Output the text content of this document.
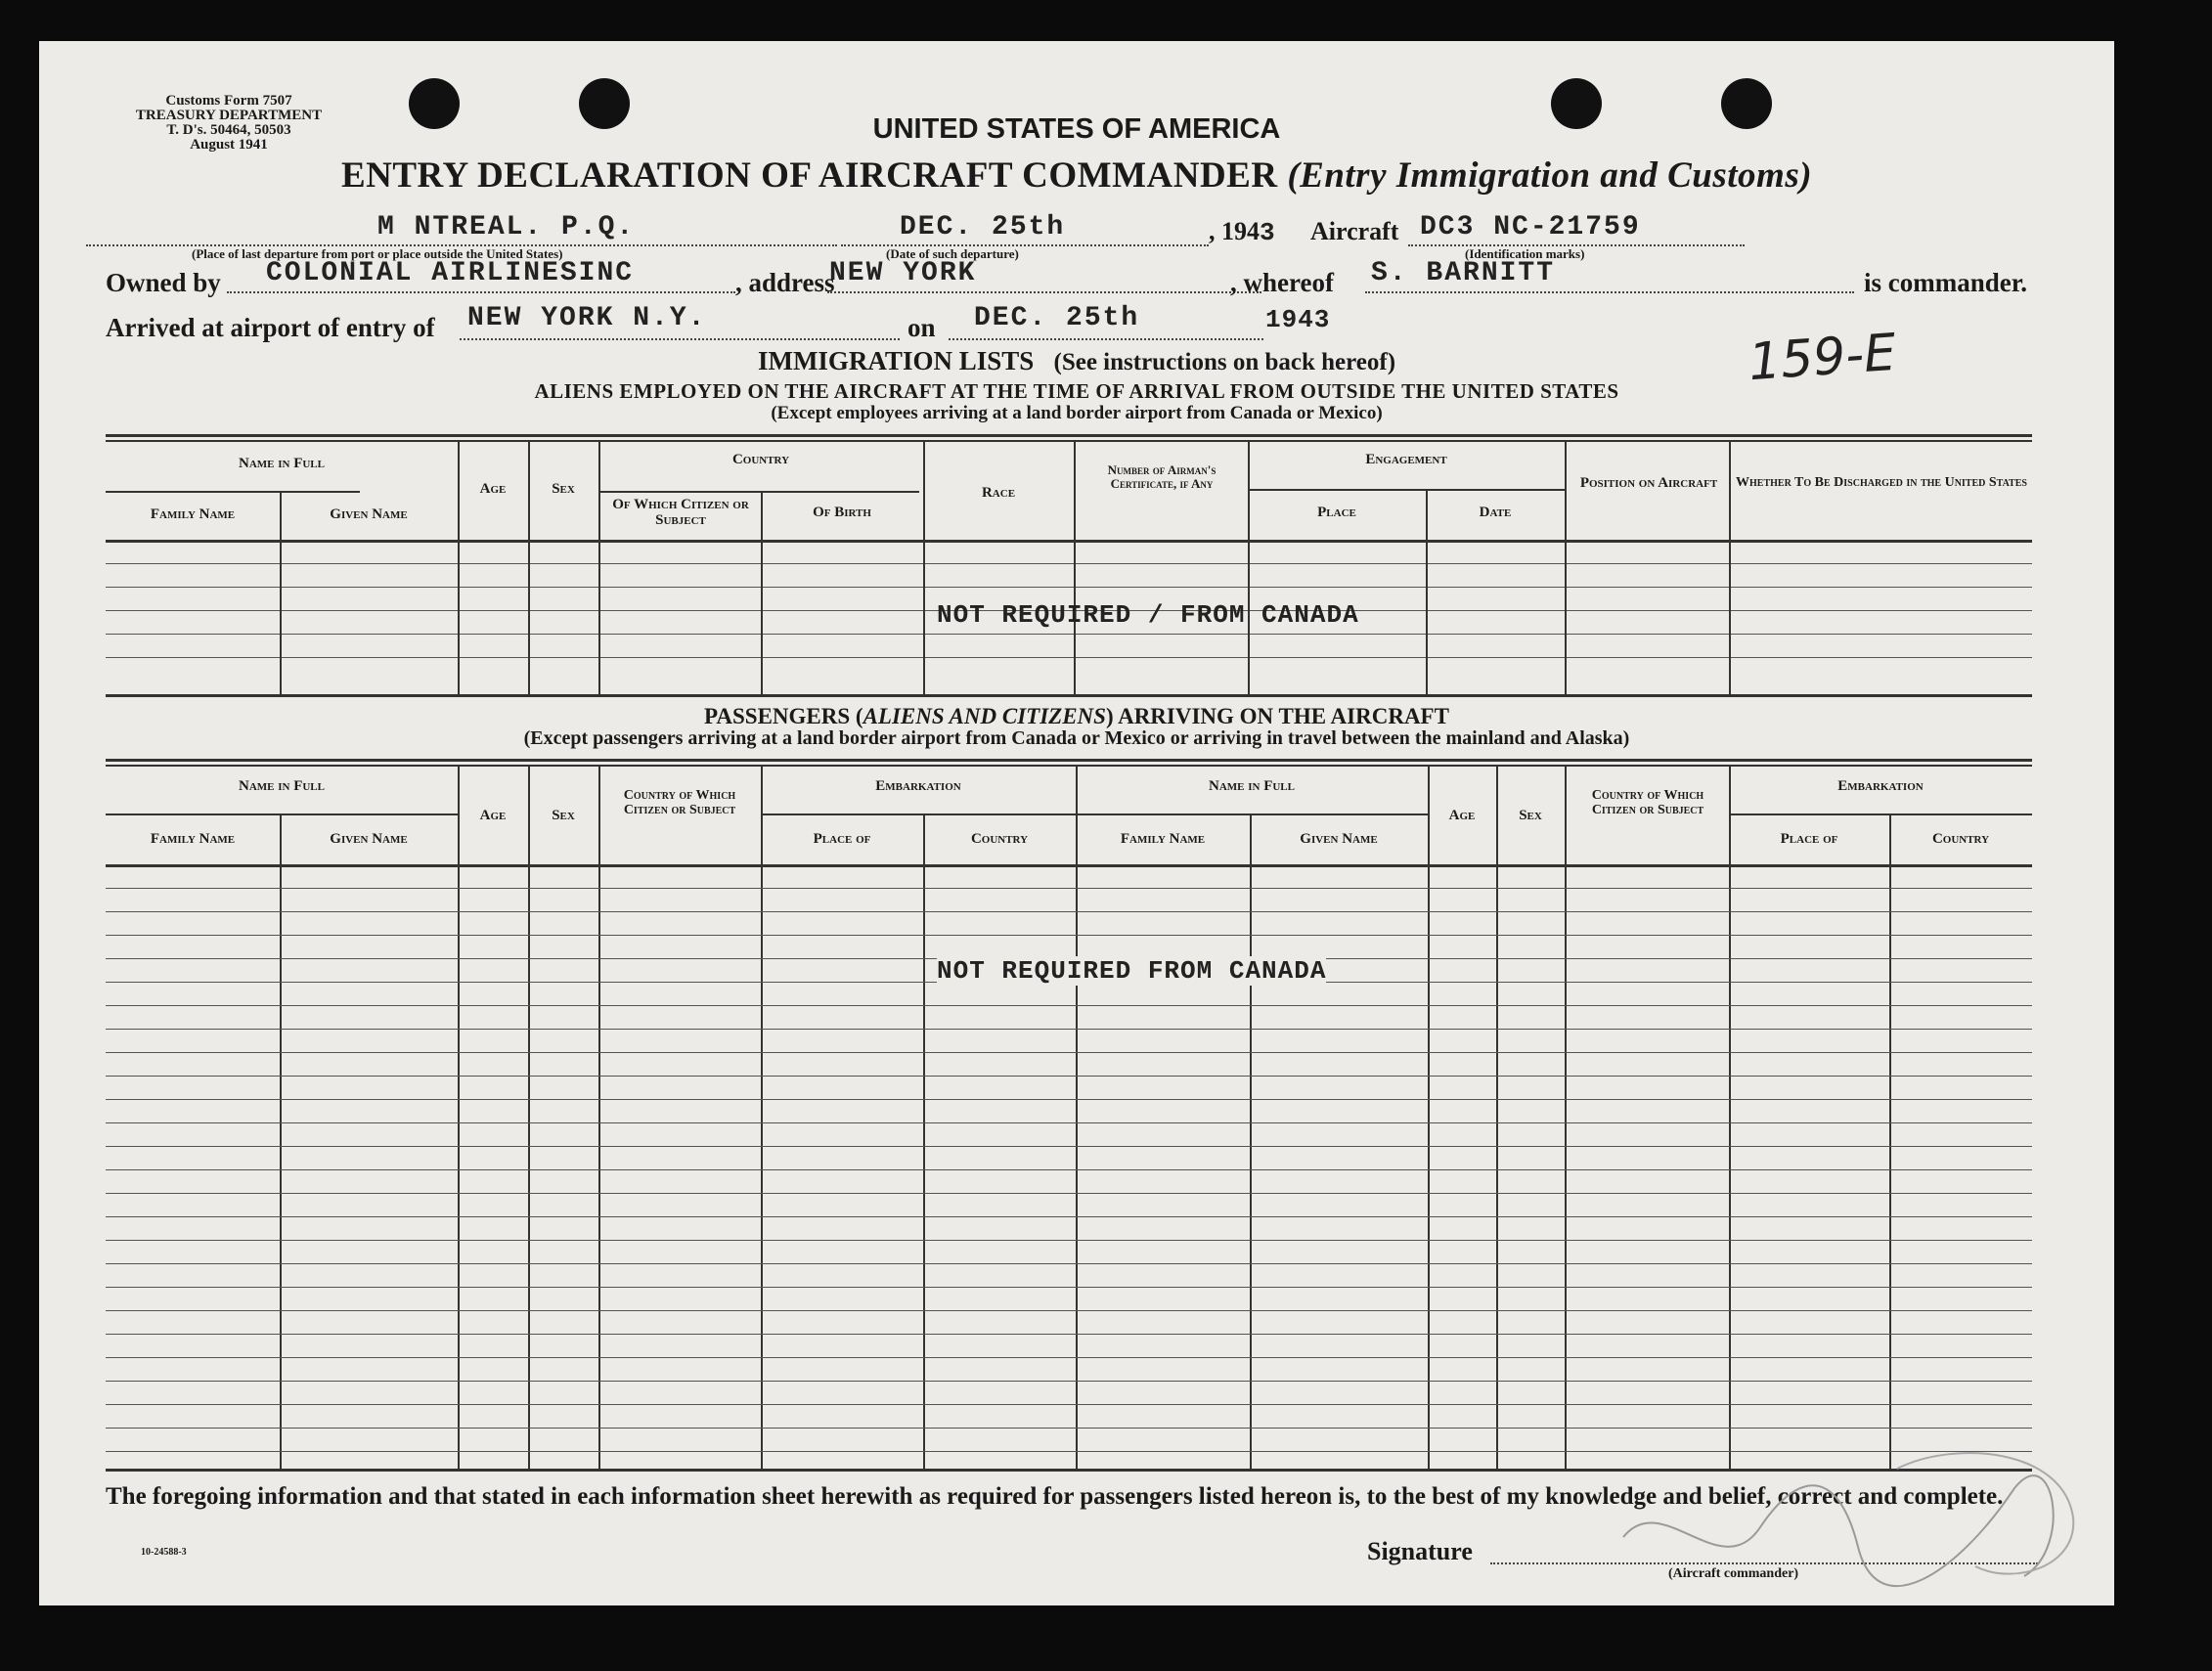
Customs Form 7507
TREASURY DEPARTMENT
T. D's. 50464, 50503
August 1941	UNITED STATES OF AMERICA
ENTRY DECLARATION OF AIRCRAFT COMMANDER (Entry Immigration and Customs)
M NTREAL. P.Q.
(Place of last departure from port or place outside the United States)
DEC. 25th
(Date of such departure)
, 1943 Aircraft DC3 NC-21759
(Identification marks)
Owned by COLONIAL AIRLINESINC	, address
NEW YORK	, whereof S. BARNITT	is commander.
Arrived at airport of entry of NEW YORK N.Y.	on DEC. 25th	1943
159-E
IMMIGRATION LISTS (See instructions on back hereof)
ALIENS EMPLOYED ON THE AIRCRAFT AT THE TIME OF ARRIVAL FROM OUTSIDE THE UNITED STATES
(Except employees arriving at a land border airport from Canada or Mexico)
Name in Full
Family Name	Given Name
Age	Sex
Country
Of Which Citizen or Subject	Of Birth
Race
Number of Airman's Certificate, if Any
Engagement
Place	Date
Position on Aircraft	Whether To Be Discharged in the United States
NOT REQUIRED / FROM CANADA
PASSENGERS (ALIENS AND CITIZENS) ARRIVING ON THE AIRCRAFT
(Except passengers arriving at a land border airport from Canada or Mexico or arriving in travel between the mainland and Alaska)
Name in Full
Family Name	Given Name
Age	Sex
Country of Which Citizen or Subject
Embarkation
Place of	Country
Name in Full
Family Name	Given Name
Age	Sex
Country of Which Citizen or Subject
Embarkation
Place of	Country
NOT REQUIRED FROM CANADA
The foregoing information and that stated in each information sheet herewith as required for passengers listed hereon is, to the best of my knowledge and belief, correct and complete.
10-24588-3	Signature
(Aircraft commander)
